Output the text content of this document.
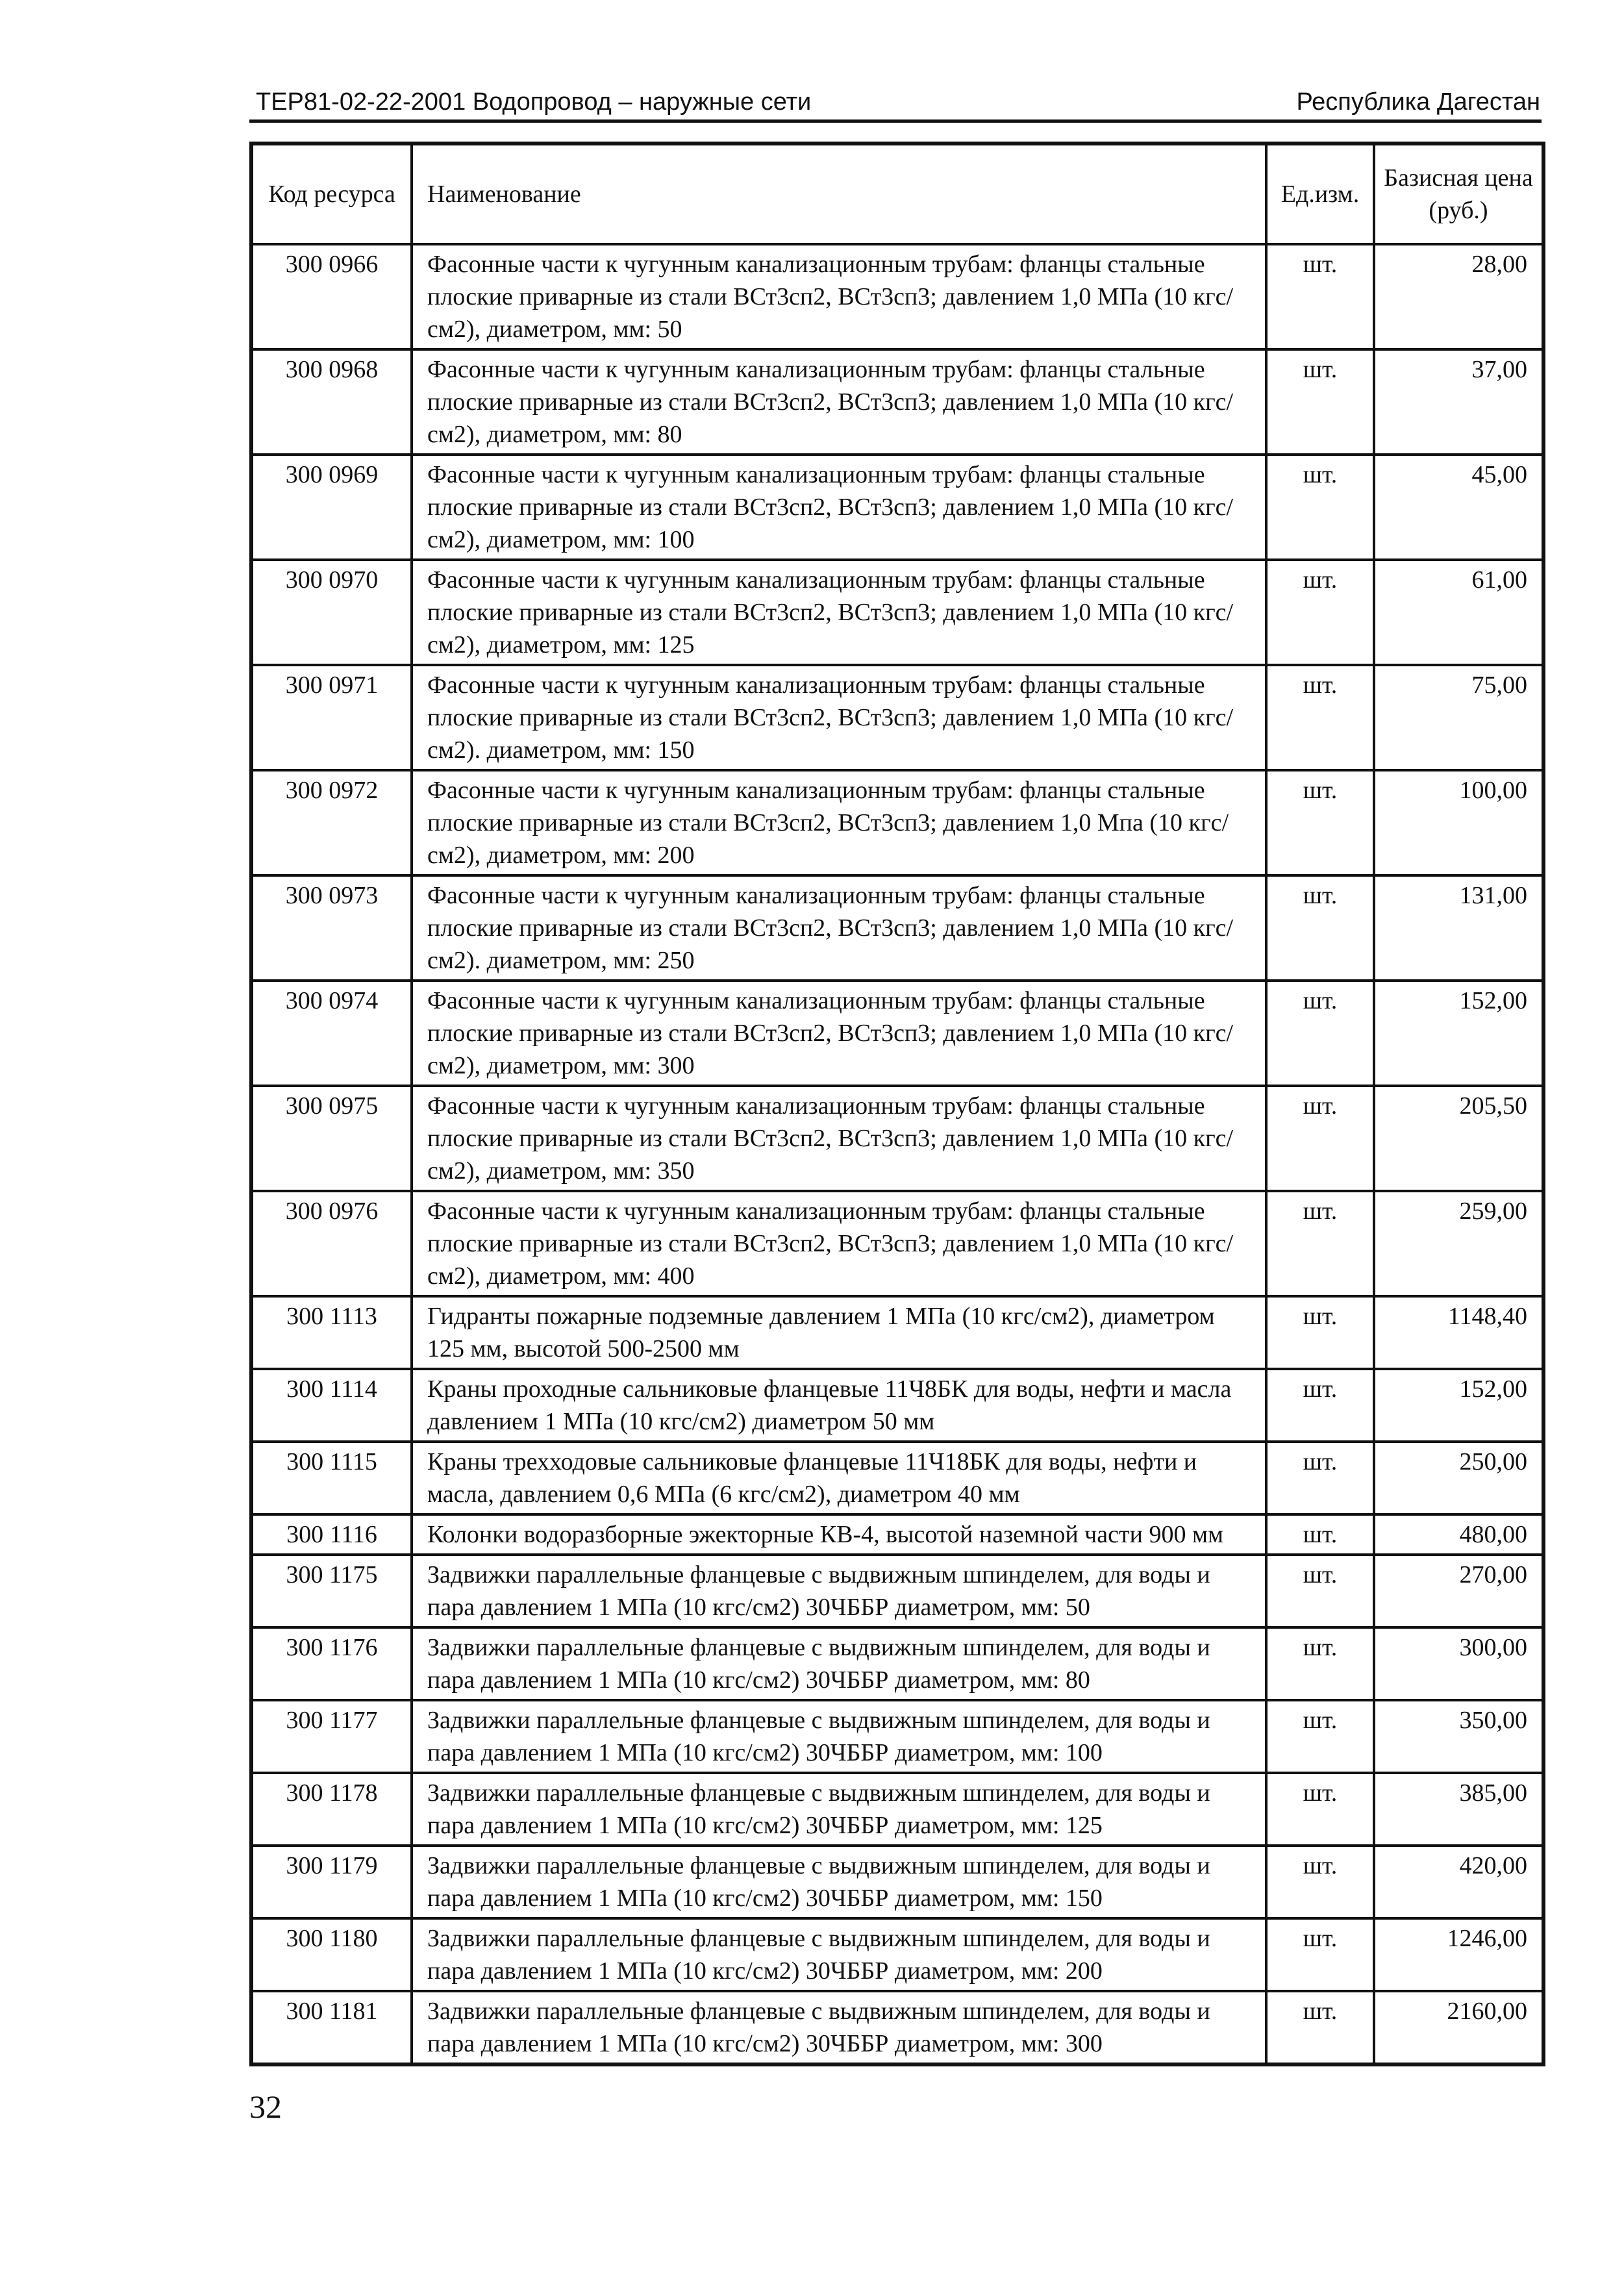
ТЕР81-02-22-2001 Водопровод – наружные сети	Республика Дагестан
Код ресурса	Наименование	Ед.изм.	Базисная цена (руб.)
300 0966	Фасонные части к чугунным канализационным трубам: фланцы стальные плоские приварные из стали ВСт3сп2, ВСт3сп3; давлением 1,0 МПа (10 кгс/см2), диаметром, мм: 50	шт.	28,00
300 0968	Фасонные части к чугунным канализационным трубам: фланцы стальные плоские приварные из стали ВСт3сп2, ВСт3сп3; давлением 1,0 МПа (10 кгс/см2), диаметром, мм: 80	шт.	37,00
300 0969	Фасонные части к чугунным канализационным трубам: фланцы стальные плоские приварные из стали ВСт3сп2, ВСт3сп3; давлением 1,0 МПа (10 кгс/см2), диаметром, мм: 100	шт.	45,00
300 0970	Фасонные части к чугунным канализационным трубам: фланцы стальные плоские приварные из стали ВСт3сп2, ВСт3сп3; давлением 1,0 МПа (10 кгс/см2), диаметром, мм: 125	шт.	61,00
300 0971	Фасонные части к чугунным канализационным трубам: фланцы стальные плоские приварные из стали ВСт3сп2, ВСт3сп3; давлением 1,0 МПа (10 кгс/см2). диаметром, мм: 150	шт.	75,00
300 0972	Фасонные части к чугунным канализационным трубам: фланцы стальные плоские приварные из стали ВСт3сп2, ВСт3сп3; давлением 1,0 Мпа (10 кгс/см2), диаметром, мм: 200	шт.	100,00
300 0973	Фасонные части к чугунным канализационным трубам: фланцы стальные плоские приварные из стали ВСт3сп2, ВСт3сп3; давлением 1,0 МПа (10 кгс/см2). диаметром, мм: 250	шт.	131,00
300 0974	Фасонные части к чугунным канализационным трубам: фланцы стальные плоские приварные из стали ВСт3сп2, ВСт3сп3; давлением 1,0 МПа (10 кгс/см2), диаметром, мм: 300	шт.	152,00
300 0975	Фасонные части к чугунным канализационным трубам: фланцы стальные плоские приварные из стали ВСт3сп2, ВСт3сп3; давлением 1,0 МПа (10 кгс/см2), диаметром, мм: 350	шт.	205,50
300 0976	Фасонные части к чугунным канализационным трубам: фланцы стальные плоские приварные из стали ВСт3сп2, ВСт3сп3; давлением 1,0 МПа (10 кгс/см2), диаметром, мм: 400	шт.	259,00
300 1113	Гидранты пожарные подземные давлением 1 МПа (10 кгс/см2), диаметром 125 мм, высотой 500-2500 мм	шт.	1148,40
300 1114	Краны проходные сальниковые фланцевые 11Ч8БК для воды, нефти и масла давлением 1 МПа (10 кгс/см2) диаметром 50 мм	шт.	152,00
300 1115	Краны трехходовые сальниковые фланцевые 11Ч18БК для воды, нефти и масла, давлением 0,6 МПа (6 кгс/см2), диаметром 40 мм	шт.	250,00
300 1116	Колонки водоразборные эжекторные КВ-4, высотой наземной части 900 мм	шт.	480,00
300 1175	Задвижки параллельные фланцевые с выдвижным шпинделем, для воды и пара давлением 1 МПа (10 кгс/см2) 30ЧББР диаметром, мм: 50	шт.	270,00
300 1176	Задвижки параллельные фланцевые с выдвижным шпинделем, для воды и пара давлением 1 МПа (10 кгс/см2) 30ЧББР диаметром, мм: 80	шт.	300,00
300 1177	Задвижки параллельные фланцевые с выдвижным шпинделем, для воды и пара давлением 1 МПа (10 кгс/см2) 30ЧББР диаметром, мм: 100	шт.	350,00
300 1178	Задвижки параллельные фланцевые с выдвижным шпинделем, для воды и пара давлением 1 МПа (10 кгс/см2) 30ЧББР диаметром, мм: 125	шт.	385,00
300 1179	Задвижки параллельные фланцевые с выдвижным шпинделем, для воды и пара давлением 1 МПа (10 кгс/см2) 30ЧББР диаметром, мм: 150	шт.	420,00
300 1180	Задвижки параллельные фланцевые с выдвижным шпинделем, для воды и пара давлением 1 МПа (10 кгс/см2) 30ЧББР диаметром, мм: 200	шт.	1246,00
300 1181	Задвижки параллельные фланцевые с выдвижным шпинделем, для воды и пара давлением 1 МПа (10 кгс/см2) 30ЧББР диаметром, мм: 300	шт.	2160,00
32
